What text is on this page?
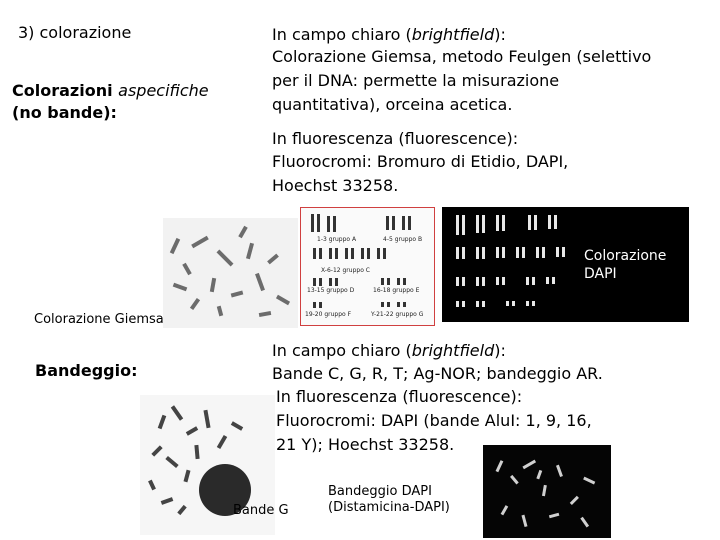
3) colorazione
Colorazioni aspecifiche
(no bande):
In campo chiaro (brightfield):
Colorazione Giemsa, metodo Feulgen (selettivo
per il DNA: permette la misurazione
quantitativa), orceina acetica.
In fluorescenza (fluorescence):
Fluorocromi: Bromuro di Etidio, DAPI,
Hoechst 33258.
1-3 gruppo A	4-5 gruppo B
X-6-12 gruppo C
13-15 gruppo D	16-18 gruppo E
19-20 gruppo F	Y-21-22 gruppo G
Colorazione
DAPI
Colorazione Giemsa
Bandeggio:
In campo chiaro (brightfield):
Bande C, G, R, T; Ag-NOR; bandeggio AR.
In fluorescenza (fluorescence):
Fluorocromi: DAPI (bande AluI: 1, 9, 16,
21 Y); Hoechst 33258.
Bande G
Bandeggio DAPI
(Distamicina-DAPI)
